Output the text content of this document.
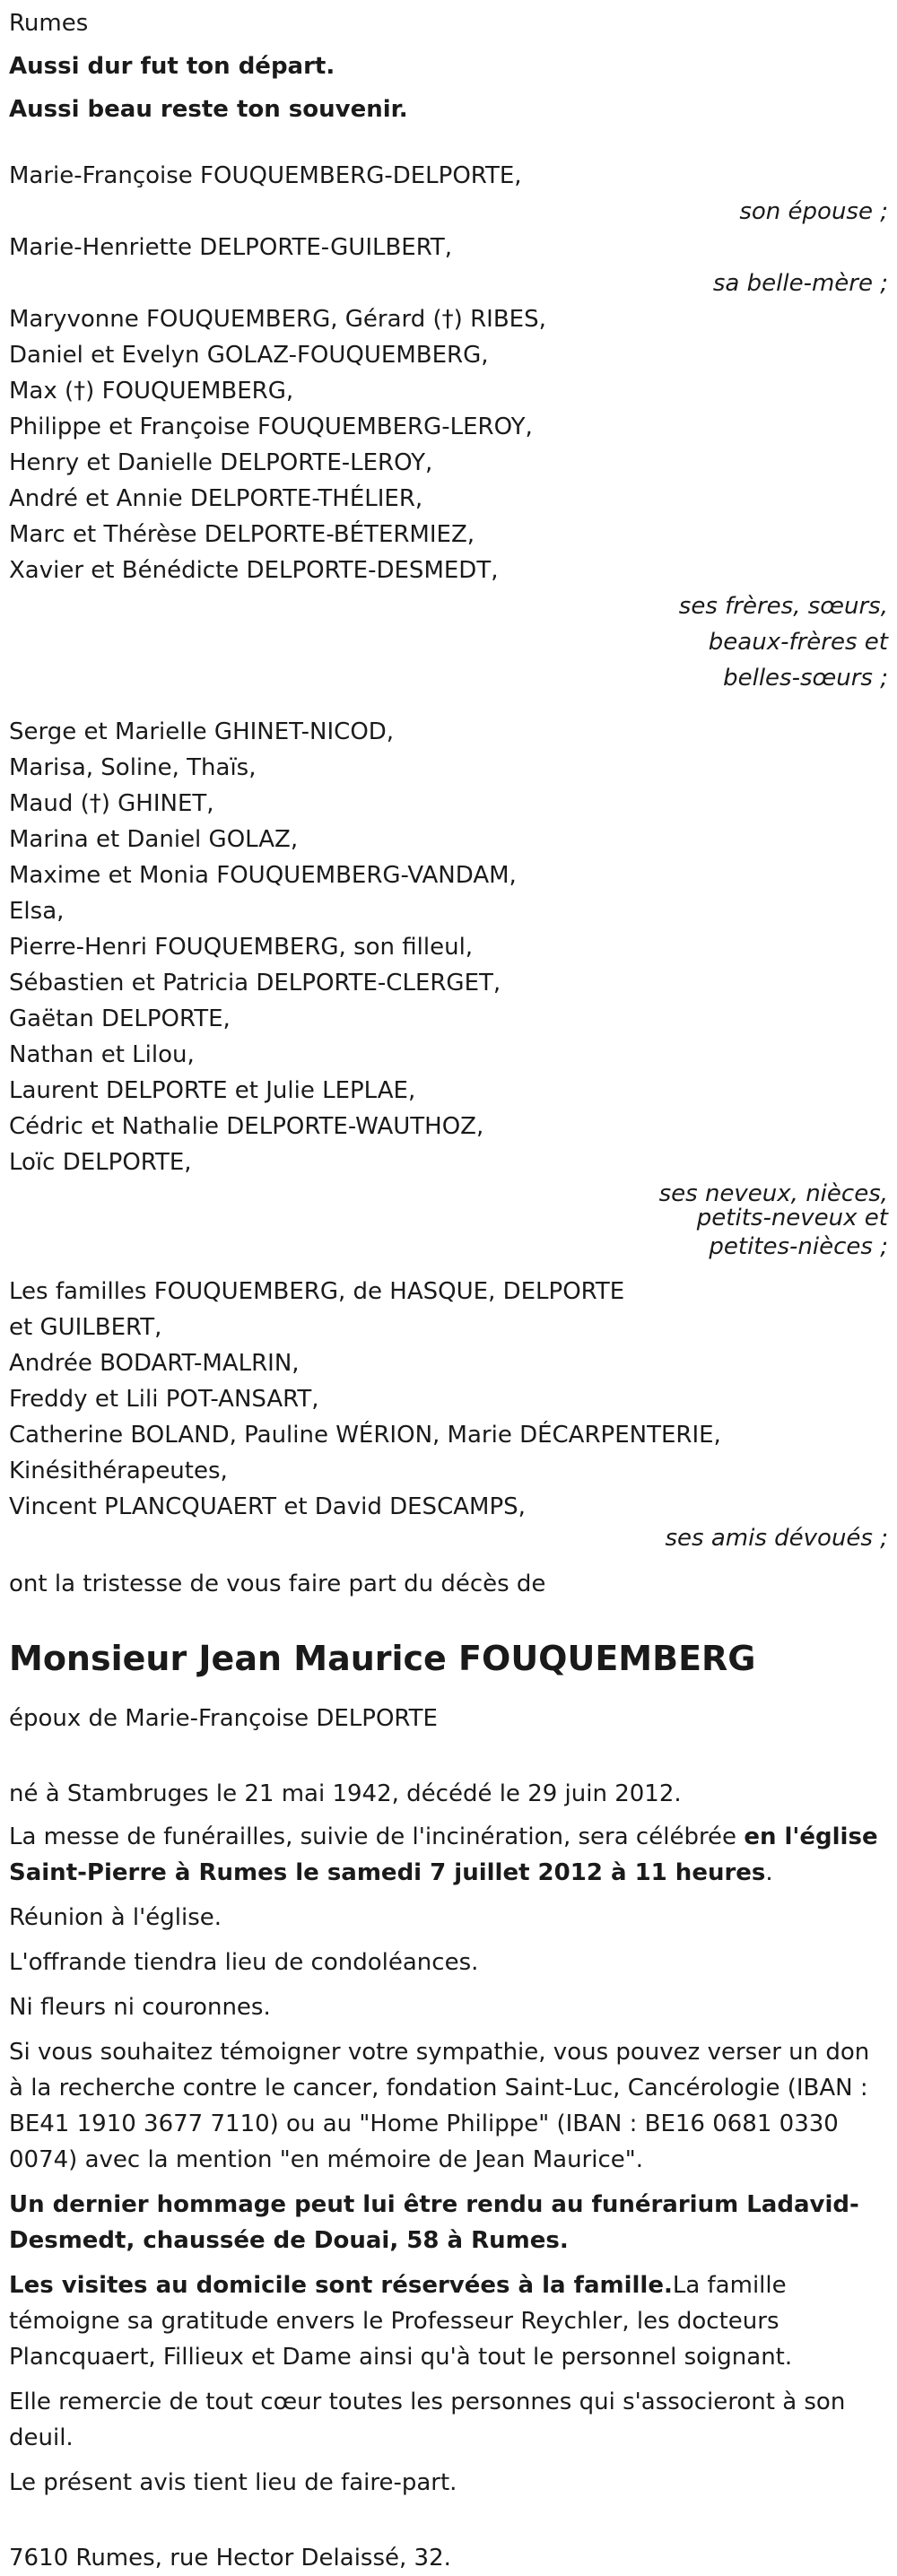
Rumes
Aussi dur fut ton départ.
Aussi beau reste ton souvenir.
Marie-Françoise FOUQUEMBERG-DELPORTE,
son épouse ;
Marie-Henriette DELPORTE-GUILBERT,
sa belle-mère ;
Maryvonne FOUQUEMBERG, Gérard (†) RIBES,
Daniel et Evelyn GOLAZ-FOUQUEMBERG,
Max (†) FOUQUEMBERG,
Philippe et Françoise FOUQUEMBERG-LEROY,
Henry et Danielle DELPORTE-LEROY,
André et Annie DELPORTE-THÉLIER,
Marc et Thérèse DELPORTE-BÉTERMIEZ,
Xavier et Bénédicte DELPORTE-DESMEDT,
ses frères, sœurs,
beaux-frères et
belles-sœurs ;
Serge et Marielle GHINET-NICOD,
Marisa, Soline, Thaïs,
Maud (†) GHINET,
Marina et Daniel GOLAZ,
Maxime et Monia FOUQUEMBERG-VANDAM,
Elsa,
Pierre-Henri FOUQUEMBERG, son filleul,
Sébastien et Patricia DELPORTE-CLERGET,
Gaëtan DELPORTE,
Nathan et Lilou,
Laurent DELPORTE et Julie LEPLAE,
Cédric et Nathalie DELPORTE-WAUTHOZ,
Loïc DELPORTE,
ses neveux, nièces,
petits-neveux et
petites-nièces ;
Les familles FOUQUEMBERG, de HASQUE, DELPORTE
et GUILBERT,
Andrée BODART-MALRIN,
Freddy et Lili POT-ANSART,
Catherine BOLAND, Pauline WÉRION, Marie DÉCARPENTERIE,
Kinésithérapeutes,
Vincent PLANCQUAERT et David DESCAMPS,
ses amis dévoués ;
ont la tristesse de vous faire part du décès de
Monsieur Jean Maurice FOUQUEMBERG
époux de Marie-Françoise DELPORTE
né à Stambruges le 21 mai 1942, décédé le 29 juin 2012.

La messe de funérailles, suivie de l'incinération, sera célébrée en l'église Saint-Pierre à Rumes le samedi 7 juillet 2012 à 11 heures.

Réunion à l'église.
L'offrande tiendra lieu de condoléances.
Ni fleurs ni couronnes.

Si vous souhaitez témoigner votre sympathie, vous pouvez verser un don à la recherche contre le cancer, fondation Saint-Luc, Cancérologie (IBAN : BE41 1910 3677 7110) ou au "Home Philippe" (IBAN : BE16 0681 0330 0074) avec la mention "en mémoire de Jean Maurice".

Un dernier hommage peut lui être rendu au funérarium Ladavid-Desmedt, chaussée de Douai, 58 à Rumes.

Les visites au domicile sont réservées à la famille.La famille témoigne sa gratitude envers le Professeur Reychler, les docteurs Plancquaert, Fillieux et Dame ainsi qu'à tout le personnel soignant.

Elle remercie de tout cœur toutes les personnes qui s'associeront à son deuil.

Le présent avis tient lieu de faire-part.
7610 Rumes, rue Hector Delaissé, 32.
